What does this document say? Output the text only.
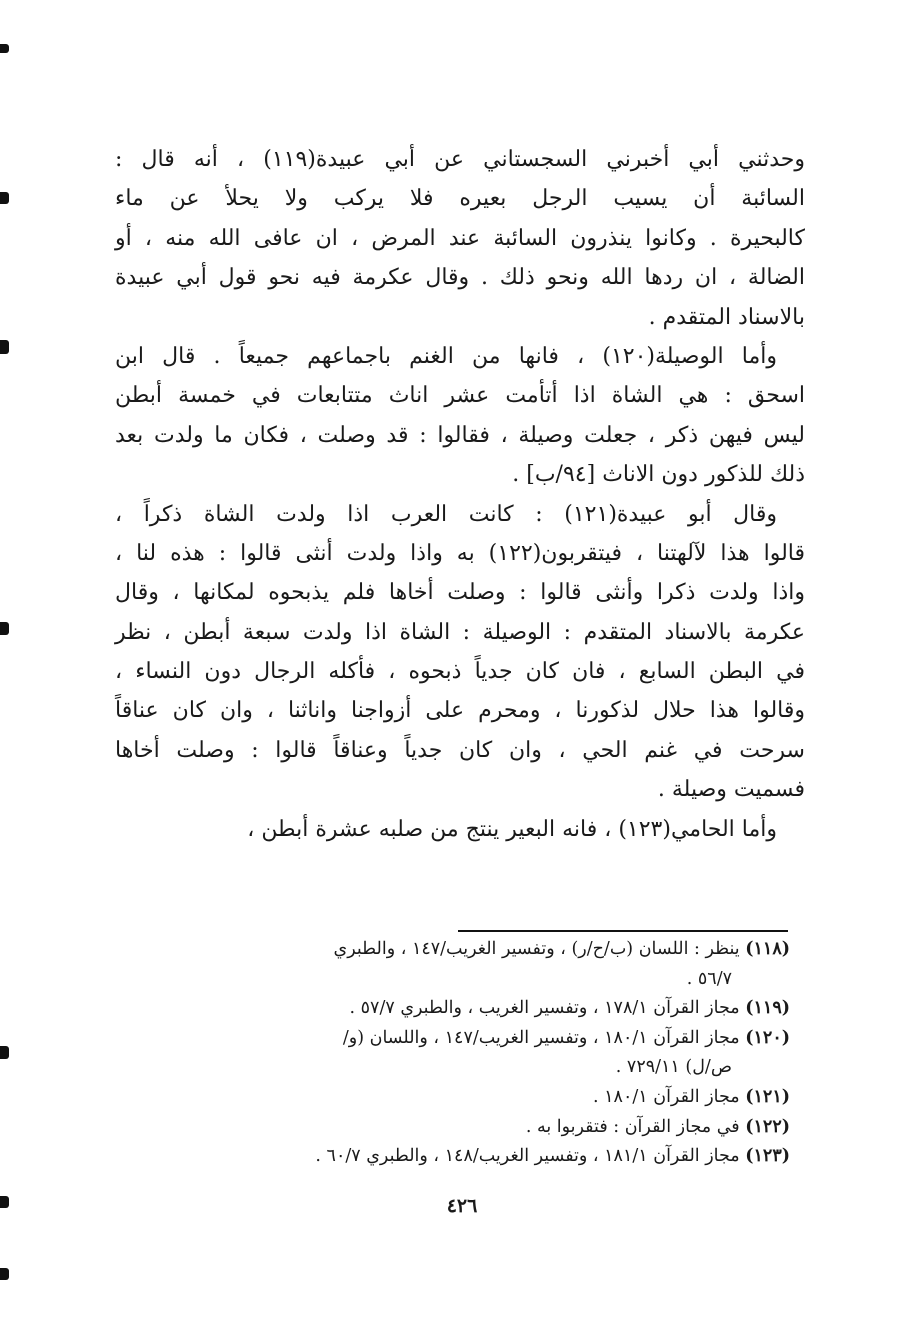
وحدثني أبي أخبرني السجستاني عن أبي عبيدة(١١٩) ، أنه قال :
السائبة أن يسيب الرجل بعيره فلا يركب ولا يحلأ عن ماء
كالبحيرة . وكانوا ينذرون السائبة عند المرض ، ان عافى الله منه ، أو
الضالة ، ان ردها الله ونحو ذلك . وقال عكرمة فيه نحو قول أبي عبيدة
بالاسناد المتقدم .
وأما الوصيلة(١٢٠) ، فانها من الغنم باجماعهم جميعاً . قال ابن
اسحق : هي الشاة اذا أتأمت عشر اناث متتابعات في خمسة أبطن
ليس فيهن ذكر ، جعلت وصيلة ، فقالوا : قد وصلت ، فكان ما ولدت بعد
ذلك للذكور دون الاناث [٩٤/ب] .
وقال أبو عبيدة(١٢١) : كانت العرب اذا ولدت الشاة ذكراً ،
قالوا هذا لآلهتنا ، فيتقربون(١٢٢) به واذا ولدت أنثى قالوا : هذه لنا ،
واذا ولدت ذكرا وأنثى قالوا : وصلت أخاها فلم يذبحوه لمكانها ، وقال
عكرمة بالاسناد المتقدم : الوصيلة : الشاة اذا ولدت سبعة أبطن ، نظر
في البطن السابع ، فان كان جدياً ذبحوه ، فأكله الرجال دون النساء ،
وقالوا هذا حلال لذكورنا ، ومحرم على أزواجنا واناثنا ، وان كان عناقاً
سرحت في غنم الحي ، وان كان جدياً وعناقاً قالوا : وصلت أخاها
فسميت وصيلة .
وأما الحامي(١٢٣) ، فانه البعير ينتج من صلبه عشرة أبطن ،
(١١٨) ينظر : اللسان (ب/ح/ر) ، وتفسير الغريب/١٤٧ ، والطبري
٥٦/٧ .
(١١٩) مجاز القرآن ١٧٨/١ ، وتفسير الغريب ، والطبري ٥٧/٧ .
(١٢٠) مجاز القرآن ١٨٠/١ ، وتفسير الغريب/١٤٧ ، واللسان (و/
ص/ل) ٧٢٩/١١ .
(١٢١) مجاز القرآن ١٨٠/١ .
(١٢٢) في مجاز القرآن : فتقربوا به .
(١٢٣) مجاز القرآن ١٨١/١ ، وتفسير الغريب/١٤٨ ، والطبري ٦٠/٧ .
٤٢٦
